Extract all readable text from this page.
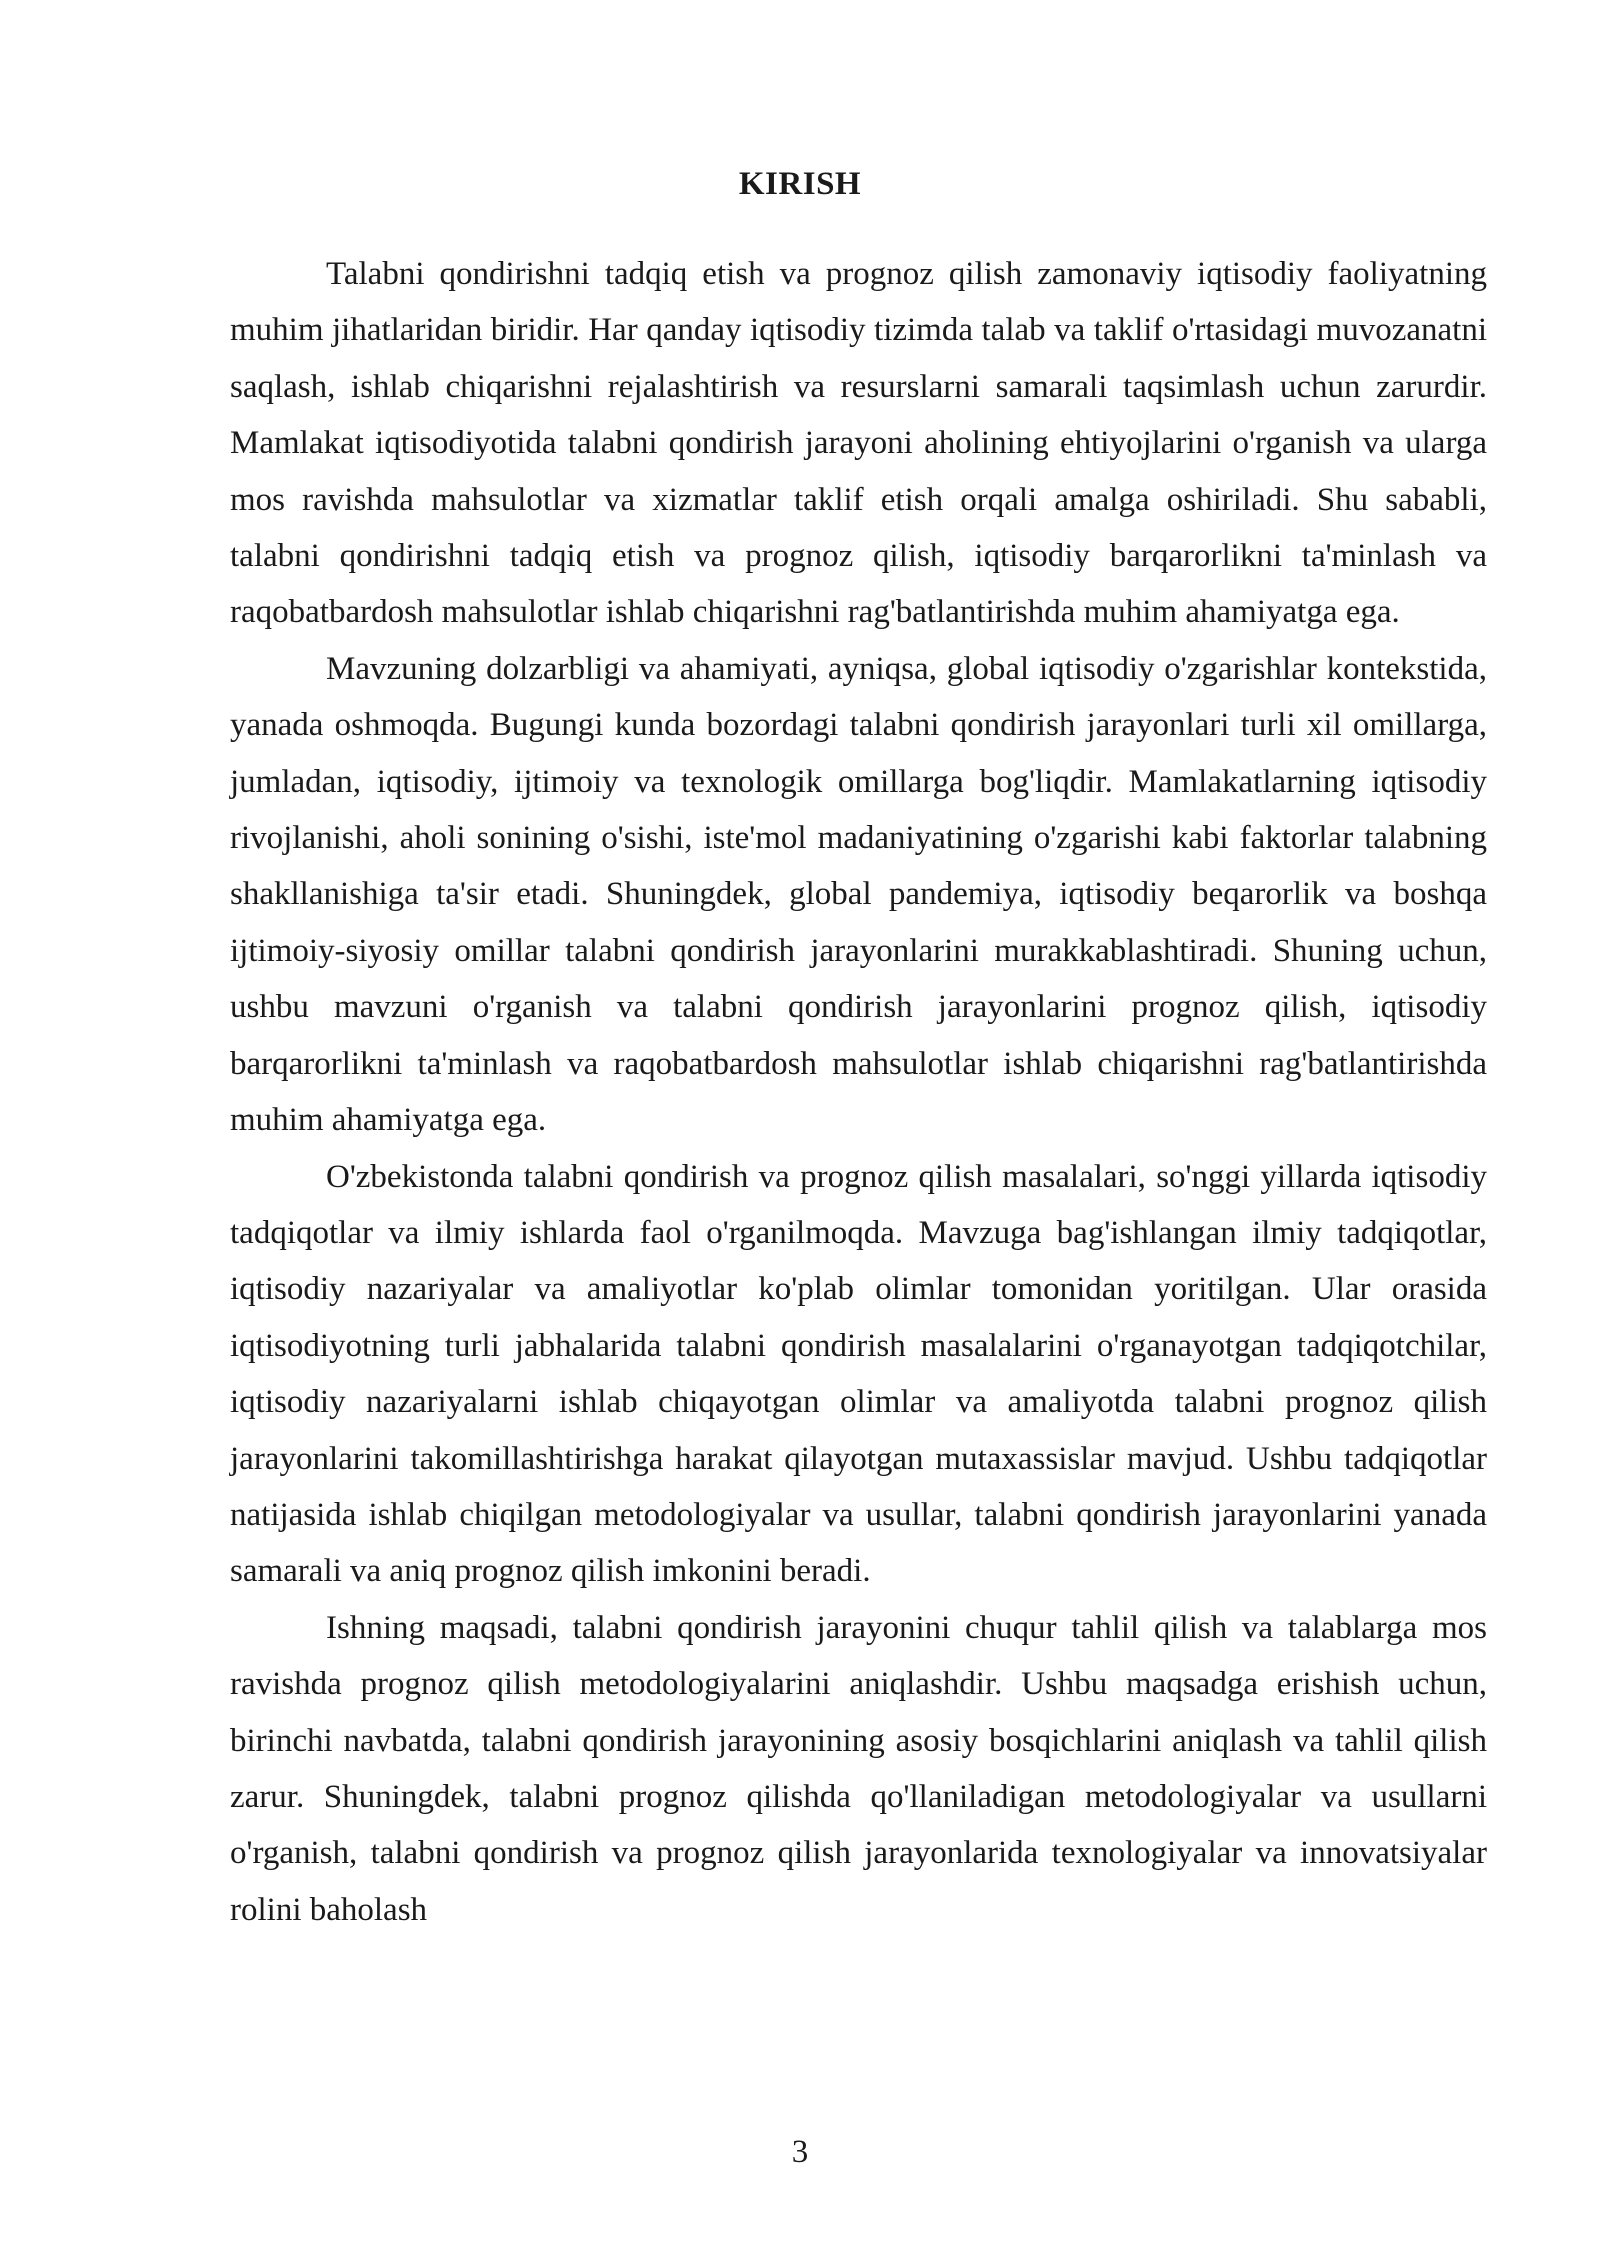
KIRISH

Talabni qondirishni tadqiq etish va prognoz qilish zamonaviy iqtisodiy faoliyatning muhim jihatlaridan biridir. Har qanday iqtisodiy tizimda talab va taklif o'rtasidagi muvozanatni saqlash, ishlab chiqarishni rejalashtirish va resurslarni samarali taqsimlash uchun zarurdir. Mamlakat iqtisodiyotida talabni qondirish jarayoni aholining ehtiyojlarini o'rganish va ularga mos ravishda mahsulotlar va xizmatlar taklif etish orqali amalga oshiriladi. Shu sababli, talabni qondirishni tadqiq etish va prognoz qilish, iqtisodiy barqarorlikni ta'minlash va raqobatbardosh mahsulotlar ishlab chiqarishni rag'batlantirishda muhim ahamiyatga ega.

Mavzuning dolzarbligi va ahamiyati, ayniqsa, global iqtisodiy o'zgarishlar kontekstida, yanada oshmoqda. Bugungi kunda bozordagi talabni qondirish jarayonlari turli xil omillarga, jumladan, iqtisodiy, ijtimoiy va texnologik omillarga bog'liqdir. Mamlakatlarning iqtisodiy rivojlanishi, aholi sonining o'sishi, iste'mol madaniyatining o'zgarishi kabi faktorlar talabning shakllanishiga ta'sir etadi. Shuningdek, global pandemiya, iqtisodiy beqarorlik va boshqa ijtimoiy-siyosiy omillar talabni qondirish jarayonlarini murakkablashtiradi. Shuning uchun, ushbu mavzuni o'rganish va talabni qondirish jarayonlarini prognoz qilish, iqtisodiy barqarorlikni ta'minlash va raqobatbardosh mahsulotlar ishlab chiqarishni rag'batlantirishda muhim ahamiyatga ega.

O'zbekistonda talabni qondirish va prognoz qilish masalalari, so'nggi yillarda iqtisodiy tadqiqotlar va ilmiy ishlarda faol o'rganilmoqda. Mavzuga bag'ishlangan ilmiy tadqiqotlar, iqtisodiy nazariyalar va amaliyotlar ko'plab olimlar tomonidan yoritilgan. Ular orasida iqtisodiyotning turli jabhalarida talabni qondirish masalalarini o'rganayotgan tadqiqotchilar, iqtisodiy nazariyalarni ishlab chiqayotgan olimlar va amaliyotda talabni prognoz qilish jarayonlarini takomillashtirishga harakat qilayotgan mutaxassislar mavjud. Ushbu tadqiqotlar natijasida ishlab chiqilgan metodologiyalar va usullar, talabni qondirish jarayonlarini yanada samarali va aniq prognoz qilish imkonini beradi.

Ishning maqsadi, talabni qondirish jarayonini chuqur tahlil qilish va talablarga mos ravishda prognoz qilish metodologiyalarini aniqlashdir. Ushbu maqsadga erishish uchun, birinchi navbatda, talabni qondirish jarayonining asosiy bosqichlarini aniqlash va tahlil qilish zarur. Shuningdek, talabni prognoz qilishda qo'llaniladigan metodologiyalar va usullarni o'rganish, talabni qondirish va prognoz qilish jarayonlarida texnologiyalar va innovatsiyalar rolini baholash

3
